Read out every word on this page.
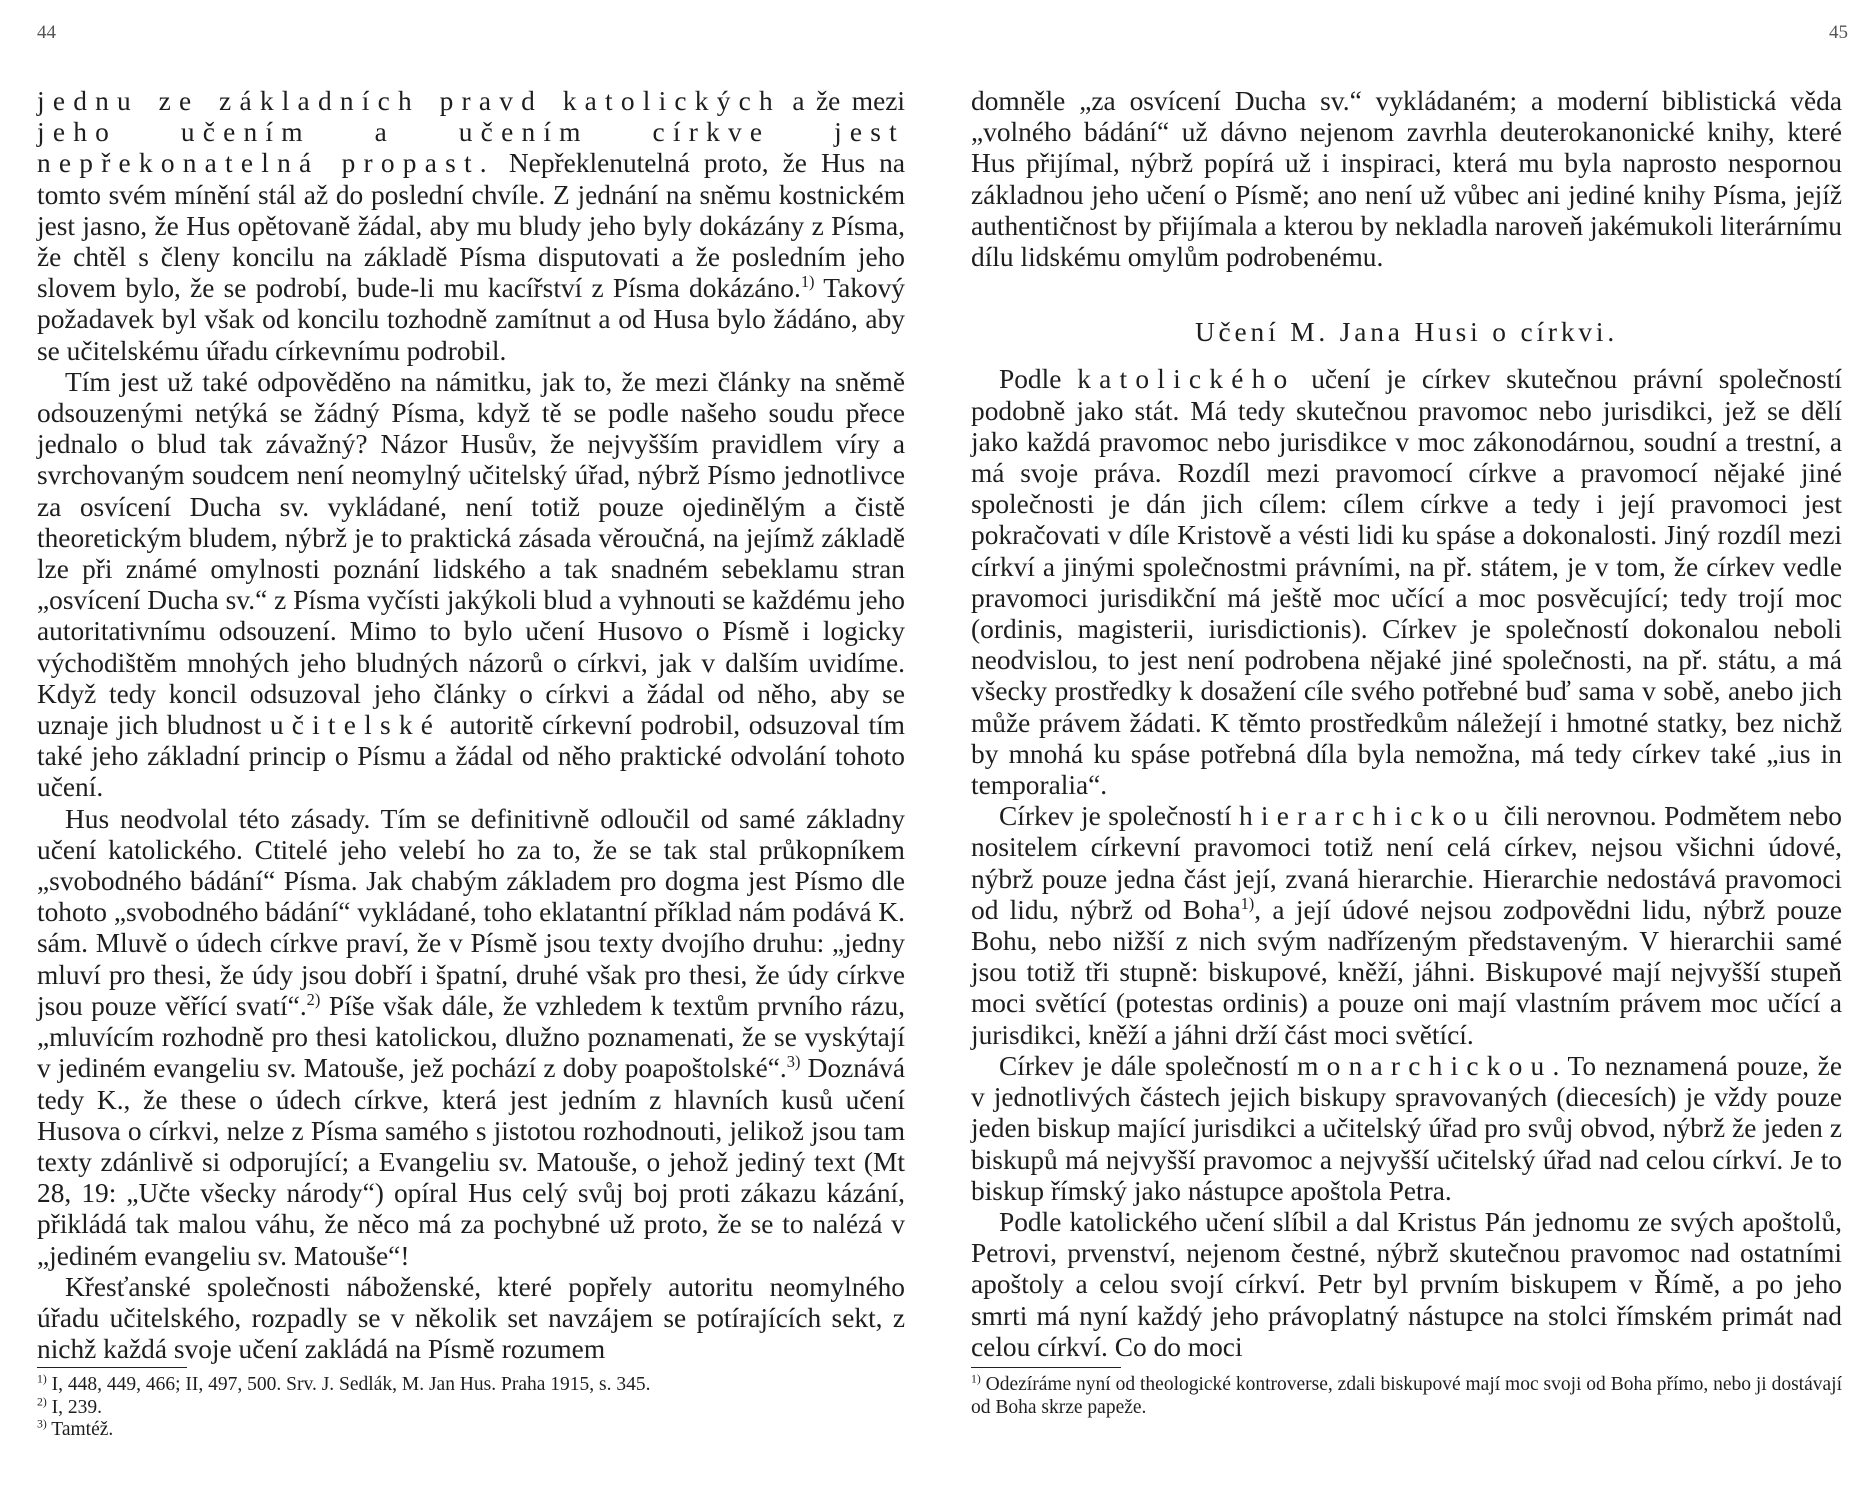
44

jednu ze základních pravd katolických a že mezi jeho učením a učením církve jest nepřekonatelná propast. Nepřeklenutelná proto, že Hus na tomto svém mínění stál až do poslední chvíle. Z jednání na sněmu kostnickém jest jasno, že Hus opětovaně žádal, aby mu bludy jeho byly dokázány z Písma, že chtěl s členy koncilu na základě Písma disputovati a že posledním jeho slovem bylo, že se podrobí, bude-li mu kacířství z Písma dokázáno.$^{1)}$ Takový požadavek byl však od koncilu tozhodně zamítnut a od Husa bylo žádáno, aby se učitelskému úřadu církevnímu podrobil.

Tím jest už také odpověděno na námitku, jak to, že mezi články na sněmě odsouzenými netýká se žádný Písma, když tě se podle našeho soudu přece jednalo o blud tak závažný? Názor Husův, že nejvyšším pravidlem víry a svrchovaným soudcem není neomylný učitelský úřad, nýbrž Písmo jednotlivce za osvícení Ducha sv. vykládané, není totiž pouze ojedinělým a čistě theoretickým bludem, nýbrž je to praktická zásada věroučná, na jejímž základě lze při známé omylnosti poznání lidského a tak snadném sebeklamu stran „osvícení Ducha sv.“ z Písma vyčísti jakýkoli blud a vyhnouti se každému jeho autoritativnímu odsouzení. Mimo to bylo učení Husovo o Písmě i logicky východištěm mnohých jeho bludných názorů o církvi, jak v dalším uvidíme. Když tedy koncil odsuzoval jeho články o církvi a žádal od něho, aby se uznaje jich bludnost učitelské autoritě církevní podrobil, odsuzoval tím také jeho základní princip o Písmu a žádal od něho praktické odvolání tohoto učení.

Hus neodvolal této zásady. Tím se definitivně odloučil od samé základny učení katolického. Ctitelé jeho velebí ho za to, že se tak stal průkopníkem „svobodného bádání“ Písma. Jak chabým základem pro dogma jest Písmo dle tohoto „svobodného bádání“ vykládané, toho eklatantní příklad nám podává K. sám. Mluvě o údech církve praví, že v Písmě jsou texty dvojího druhu: „jedny mluví pro thesi, že údy jsou dobří i špatní, druhé však pro thesi, že údy církve jsou pouze věřící svatí“.$^{2)}$ Píše však dále, že vzhledem k textům prvního rázu, „mluvícím rozhodně pro thesi katolickou, dlužno poznamenati, že se vyskýtají v jediném evangeliu sv. Matouše, jež pochází z doby poapoštolské“.$^{3)}$ Doznává tedy K., že these o údech církve, která jest jedním z hlavních kusů učení Husova o církvi, nelze z Písma samého s jistotou rozhodnouti, jelikož jsou tam texty zdánlivě si odporující; a Evangeliu sv. Matouše, o jehož jediný text (Mt 28, 19: „Učte všecky národy“) opíral Hus celý svůj boj proti zákazu kázání, přikládá tak malou váhu, že něco má za pochybné už proto, že se to nalézá v „jediném evangeliu sv. Matouše“!

Křesťanské společnosti náboženské, které popřely autoritu neomylného úřadu učitelského, rozpadly se v několik set navzájem se potírajících sekt, z nichž každá svoje učení zakládá na Písmě rozumem

$^{1)}$ I, 448, 449, 466; II, 497, 500. Srv. J. Sedlák, M. Jan Hus. Praha 1915, s. 345.
$^{2)}$ I, 239.
$^{3)}$ Tamtéž.
45

domněle „za osvícení Ducha sv.“ vykládaném; a moderní biblistická věda „volného bádání“ už dávno nejenom zavrhla deuterokanonické knihy, které Hus přijímal, nýbrž popírá už i inspiraci, která mu byla naprosto nespornou základnou jeho učení o Písmě; ano není už vůbec ani jediné knihy Písma, jejíž authentičnost by přijímala a kterou by nekladla naroveň jakémukoli literárnímu dílu lidskému omylům podrobenému.

Učení M. Jana Husi o církvi.

Podle katolického učení je církev skutečnou právní společností podobně jako stát. Má tedy skutečnou pravomoc nebo jurisdikci, jež se dělí jako každá pravomoc nebo jurisdikce v moc zákonodárnou, soudní a trestní, a má svoje práva. Rozdíl mezi pravomocí církve a pravomocí nějaké jiné společnosti je dán jich cílem: cílem církve a tedy i její pravomoci jest pokračovati v díle Kristově a vésti lidi ku spáse a dokonalosti. Jiný rozdíl mezi církví a jinými společnostmi právními, na př. státem, je v tom, že církev vedle pravomoci jurisdikční má ještě moc učící a moc posvěcující; tedy trojí moc (ordinis, magisterii, iurisdictionis). Církev je společností dokonalou neboli neodvislou, to jest není podrobena nějaké jiné společnosti, na př. státu, a má všecky prostředky k dosažení cíle svého potřebné buď sama v sobě, anebo jich může právem žádati. K těmto prostředkům náležejí i hmotné statky, bez nichž by mnohá ku spáse potřebná díla byla nemožna, má tedy církev také „ius in temporalia“.

Církev je společností hierarchickou čili nerovnou. Podmětem nebo nositelem církevní pravomoci totiž není celá církev, nejsou všichni údové, nýbrž pouze jedna část její, zvaná hierarchie. Hierarchie nedostává pravomoci od lidu, nýbrž od Boha$^{1)}$, a její údové nejsou zodpovědni lidu, nýbrž pouze Bohu, nebo nižší z nich svým nadřízeným představeným. V hierarchii samé jsou totiž tři stupně: biskupové, kněží, jáhni. Biskupové mají nejvyšší stupeň moci světící (potestas ordinis) a pouze oni mají vlastním právem moc učící a jurisdikci, kněží a jáhni drží část moci světící.

Církev je dále společností monarchickou. To neznamená pouze, že v jednotlivých částech jejich biskupy spravovaných (diecesích) je vždy pouze jeden biskup mající jurisdikci a učitelský úřad pro svůj obvod, nýbrž že jeden z biskupů má nejvyšší pravomoc a nejvyšší učitelský úřad nad celou církví. Je to biskup římský jako nástupce apoštola Petra.

Podle katolického učení slíbil a dal Kristus Pán jednomu ze svých apoštolů, Petrovi, prvenství, nejenom čestné, nýbrž skutečnou pravomoc nad ostatními apoštoly a celou svojí církví. Petr byl prvním biskupem v Římě, a po jeho smrti má nyní každý jeho právoplatný nástupce na stolci římském primát nad celou církví. Co do moci

$^{1)}$ Odezíráme nyní od theologické kontroverse, zdali biskupové mají moc svoji od Boha přímo, nebo ji dostávají od Boha skrze papeže.
